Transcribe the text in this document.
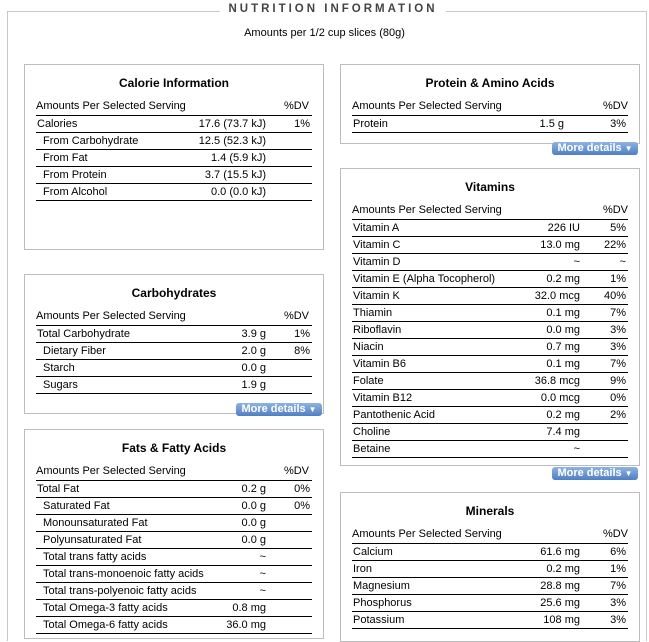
NUTRITION INFORMATION
Amounts per 1/2 cup slices (80g)
Calorie Information
Amounts Per Selected Serving	%DV
Calories	17.6 (73.7 kJ)	1%
From Carbohydrate	12.5 (52.3 kJ)
From Fat	1.4 (5.9 kJ)
From Protein	3.7 (15.5 kJ)
From Alcohol	0.0 (0.0 kJ)
Carbohydrates
Amounts Per Selected Serving	%DV
Total Carbohydrate	3.9 g	1%
Dietary Fiber	2.0 g	8%
Starch	0.0 g
Sugars	1.9 g
More details ▼
Fats & Fatty Acids
Amounts Per Selected Serving	%DV
Total Fat	0.2 g	0%
Saturated Fat	0.0 g	0%
Monounsaturated Fat	0.0 g
Polyunsaturated Fat	0.0 g
Total trans fatty acids	~
Total trans-monoenoic fatty acids	~
Total trans-polyenoic fatty acids	~
Total Omega-3 fatty acids	0.8 mg
Total Omega-6 fatty acids	36.0 mg
Protein & Amino Acids
Amounts Per Selected Serving	%DV
Protein	1.5 g	3%
More details ▼
Vitamins
Amounts Per Selected Serving	%DV
Vitamin A	226 IU	5%
Vitamin C	13.0 mg 22%
Vitamin D	~	~
Vitamin E (Alpha Tocopherol)	0.2 mg	1%
Vitamin K	32.0 mcg 40%
Thiamin	0.1 mg	7%
Riboflavin	0.0 mg	3%
Niacin	0.7 mg	3%
Vitamin B6	0.1 mg	7%
Folate	36.8 mcg	9%
Vitamin B12	0.0 mcg	0%
Pantothenic Acid	0.2 mg	2%
Choline	7.4 mg
Betaine	~
More details ▼
Minerals
Amounts Per Selected Serving	%DV
Calcium	61.6 mg	6%
Iron	0.2 mg	1%
Magnesium	28.8 mg	7%
Phosphorus	25.6 mg	3%
Potassium	108 mg	3%
